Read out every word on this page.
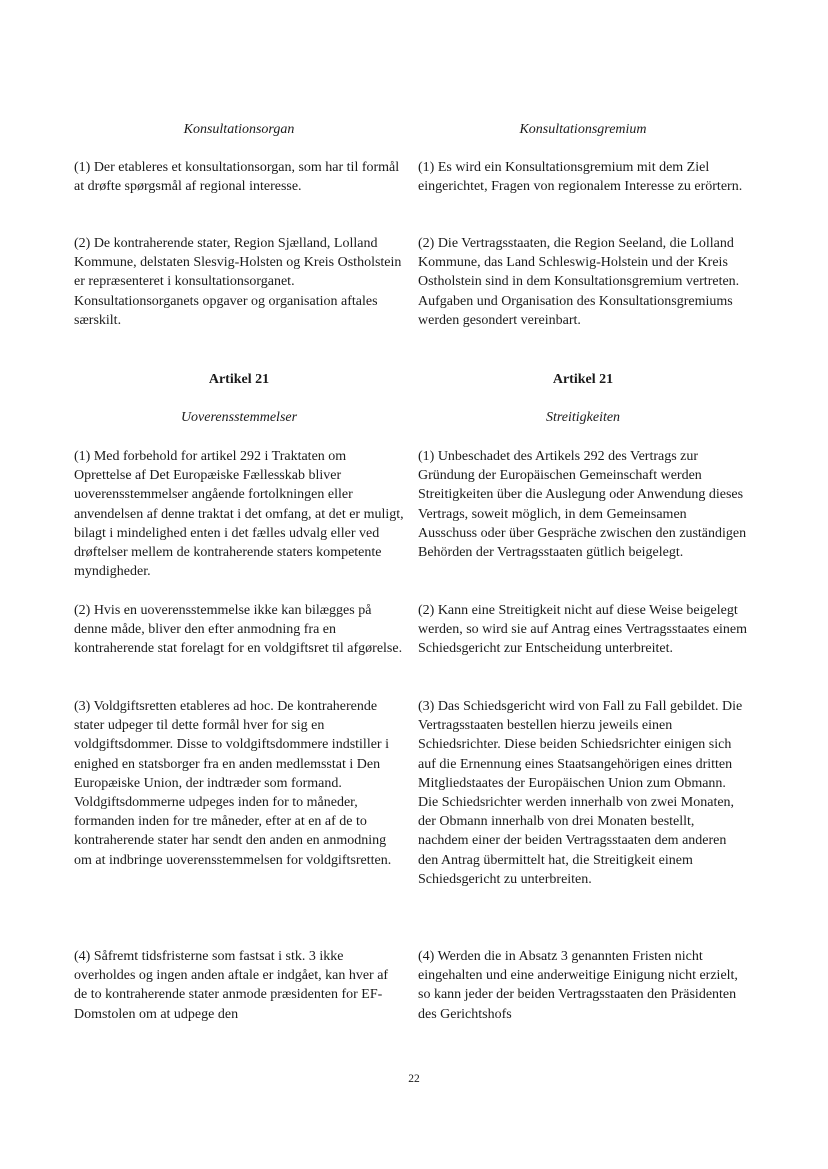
Konsultationsorgan

(1) Der etableres et konsultationsorgan, som har til formål at drøfte spørgsmål af regional interesse.

(2) De kontraherende stater, Region Sjælland, Lolland Kommune, delstaten Slesvig-Holsten og Kreis Ostholstein er repræsenteret i konsultationsorganet. Konsultationsorganets opgaver og organisation aftales særskilt.

Artikel 21
Uoverensstemmelser

(1) Med forbehold for artikel 292 i Traktaten om Oprettelse af Det Europæiske Fællesskab bliver uoverensstemmelser angående fortolkningen eller anvendelsen af denne traktat i det omfang, at det er muligt, bilagt i mindelighed enten i det fælles udvalg eller ved drøftelser mellem de kontraherende staters kompetente myndigheder.

(2) Hvis en uoverensstemmelse ikke kan bilægges på denne måde, bliver den efter anmodning fra en kontraherende stat forelagt for en voldgiftsret til afgørelse.

(3) Voldgiftsretten etableres ad hoc. De kontraherende stater udpeger til dette formål hver for sig en voldgiftsdommer. Disse to voldgiftsdommere indstiller i enighed en statsborger fra en anden medlemsstat i Den Europæiske Union, der indtræder som formand. Voldgiftsdommerne udpeges inden for to måneder, formanden inden for tre måneder, efter at en af de to kontraherende stater har sendt den anden en anmodning om at indbringe uoverensstemmelsen for voldgiftsretten.

(4) Såfremt tidsfristerne som fastsat i stk. 3 ikke overholdes og ingen anden aftale er indgået, kan hver af de to kontraherende stater anmode præsidenten for EF-Domstolen om at udpege den

Konsultationsgremium

(1) Es wird ein Konsultationsgremium mit dem Ziel eingerichtet, Fragen von regionalem Interesse zu erörtern.

(2) Die Vertragsstaaten, die Region Seeland, die Lolland Kommune, das Land Schleswig-Holstein und der Kreis Ostholstein sind in dem Konsultationsgremium vertreten. Aufgaben und Organisation des Konsultationsgremiums werden gesondert vereinbart.

Artikel 21
Streitigkeiten

(1) Unbeschadet des Artikels 292 des Vertrags zur Gründung der Europäischen Gemeinschaft werden Streitigkeiten über die Auslegung oder Anwendung dieses Vertrags, soweit möglich, in dem Gemeinsamen Ausschuss oder über Gespräche zwischen den zuständigen Behörden der Vertragsstaaten gütlich beigelegt.

(2) Kann eine Streitigkeit nicht auf diese Weise beigelegt werden, so wird sie auf Antrag eines Vertragsstaates einem Schiedsgericht zur Entscheidung unterbreitet.

(3) Das Schiedsgericht wird von Fall zu Fall gebildet. Die Vertragsstaaten bestellen hierzu jeweils einen Schiedsrichter. Diese beiden Schiedsrichter einigen sich auf die Ernennung eines Staatsangehörigen eines dritten Mitgliedstaates der Europäischen Union zum Obmann. Die Schiedsrichter werden innerhalb von zwei Monaten, der Obmann innerhalb von drei Monaten bestellt, nachdem einer der beiden Vertragsstaaten dem anderen den Antrag übermittelt hat, die Streitigkeit einem Schiedsgericht zu unterbreiten.

(4) Werden die in Absatz 3 genannten Fristen nicht eingehalten und eine anderweitige Einigung nicht erzielt, so kann jeder der beiden Vertragsstaaten den Präsidenten des Gerichtshofs

22
